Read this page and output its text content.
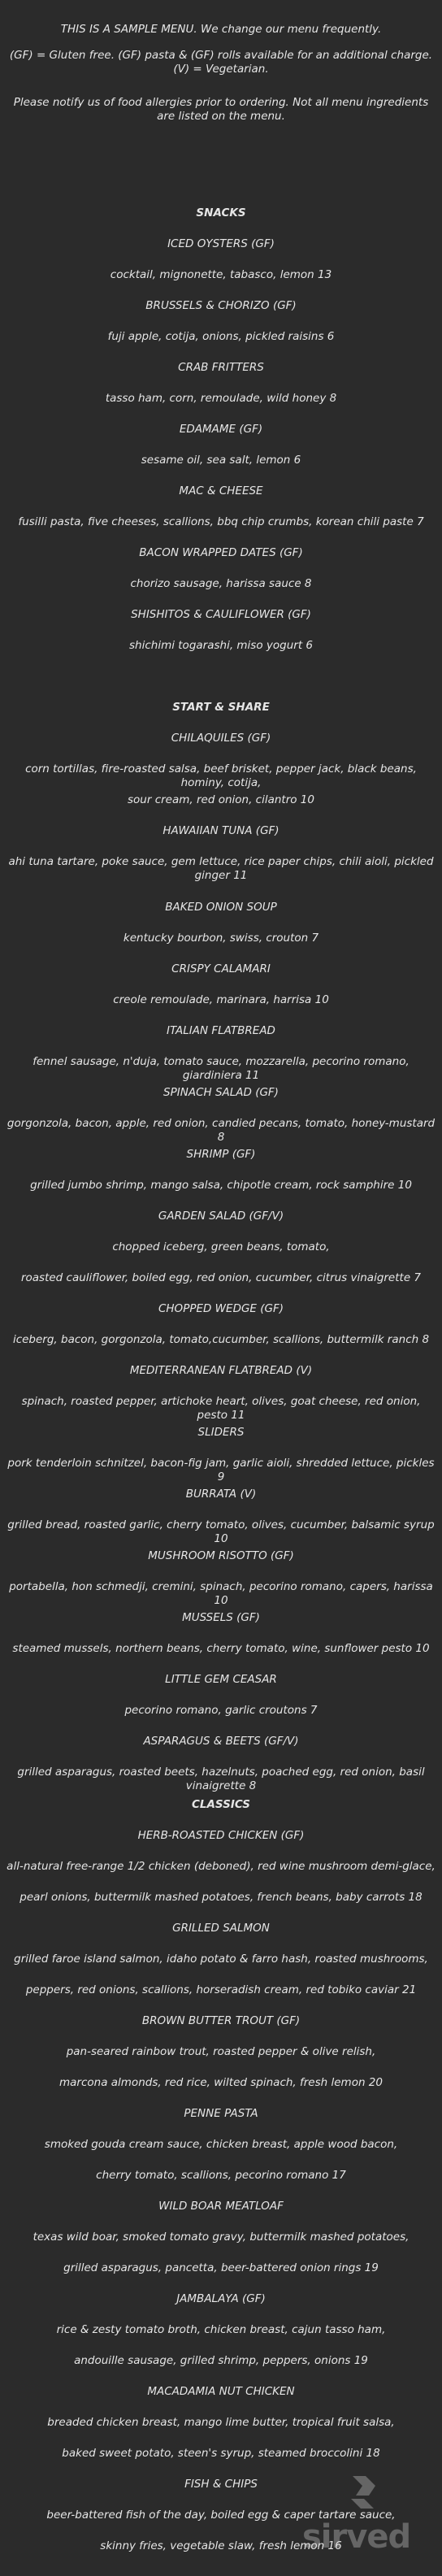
THIS IS A SAMPLE MENU. We change our menu frequently.
(GF) = Gluten free. (GF) pasta & (GF) rolls available for an additional charge. (V) = Vegetarian.
Please notify us of food allergies prior to ordering. Not all menu ingredients are listed on the menu.
SNACKS
ICED OYSTERS (GF)
cocktail, mignonette, tabasco, lemon 13
BRUSSELS & CHORIZO (GF)
fuji apple, cotija, onions, pickled raisins 6
CRAB FRITTERS
tasso ham, corn, remoulade, wild honey 8
EDAMAME (GF)
sesame oil, sea salt, lemon 6
MAC & CHEESE
fusilli pasta, five cheeses, scallions, bbq chip crumbs, korean chili paste 7
BACON WRAPPED DATES (GF)
chorizo sausage, harissa sauce 8
SHISHITOS & CAULIFLOWER (GF)
shichimi togarashi, miso yogurt 6
START & SHARE
CHILAQUILES (GF)
corn tortillas, fire-roasted salsa, beef brisket, pepper jack, black beans, hominy, cotija,
sour cream, red onion, cilantro 10
HAWAIIAN TUNA (GF)
ahi tuna tartare, poke sauce, gem lettuce, rice paper chips, chili aioli, pickled ginger 11
BAKED ONION SOUP
kentucky bourbon, swiss, crouton 7
CRISPY CALAMARI
creole remoulade, marinara, harrisa 10
ITALIAN FLATBREAD
fennel sausage, n'duja, tomato sauce, mozzarella, pecorino romano, giardiniera 11
SPINACH SALAD (GF)
gorgonzola, bacon, apple, red onion, candied pecans, tomato, honey-mustard 8
SHRIMP (GF)
grilled jumbo shrimp, mango salsa, chipotle cream, rock samphire 10
GARDEN SALAD (GF/V)
chopped iceberg, green beans, tomato,
roasted cauliflower, boiled egg, red onion, cucumber, citrus vinaigrette 7
CHOPPED WEDGE (GF)
iceberg, bacon, gorgonzola, tomato,cucumber, scallions, buttermilk ranch 8
MEDITERRANEAN FLATBREAD (V)
spinach, roasted pepper, artichoke heart, olives, goat cheese, red onion, pesto 11
SLIDERS
pork tenderloin schnitzel, bacon-fig jam, garlic aioli, shredded lettuce, pickles 9
BURRATA (V)
grilled bread, roasted garlic, cherry tomato, olives, cucumber, balsamic syrup 10
MUSHROOM RISOTTO (GF)
portabella, hon schmedji, cremini, spinach, pecorino romano, capers, harissa 10
MUSSELS (GF)
steamed mussels, northern beans, cherry tomato, wine, sunflower pesto 10
LITTLE GEM CEASAR
pecorino romano, garlic croutons 7
ASPARAGUS & BEETS (GF/V)
grilled asparagus, roasted beets, hazelnuts, poached egg, red onion, basil vinaigrette 8
CLASSICS
HERB-ROASTED CHICKEN (GF)
all-natural free-range 1/2 chicken (deboned), red wine mushroom demi-glace,
pearl onions, buttermilk mashed potatoes, french beans, baby carrots 18
GRILLED SALMON
grilled faroe island salmon, idaho potato & farro hash, roasted mushrooms,
peppers, red onions, scallions, horseradish cream, red tobiko caviar 21
BROWN BUTTER TROUT (GF)
pan-seared rainbow trout, roasted pepper & olive relish,
marcona almonds, red rice, wilted spinach, fresh lemon 20
PENNE PASTA
smoked gouda cream sauce, chicken breast, apple wood bacon,
cherry tomato, scallions, pecorino romano 17
WILD BOAR MEATLOAF
texas wild boar, smoked tomato gravy, buttermilk mashed potatoes,
grilled asparagus, pancetta, beer-battered onion rings 19
JAMBALAYA (GF)
rice & zesty tomato broth, chicken breast, cajun tasso ham,
andouille sausage, grilled shrimp, peppers, onions 19
MACADAMIA NUT CHICKEN
breaded chicken breast, mango lime butter, tropical fruit salsa,
baked sweet potato, steen's syrup, steamed broccolini 18
FISH & CHIPS
beer-battered fish of the day, boiled egg & caper tartare sauce,
skinny fries, vegetable slaw, fresh lemon 16
sirved
